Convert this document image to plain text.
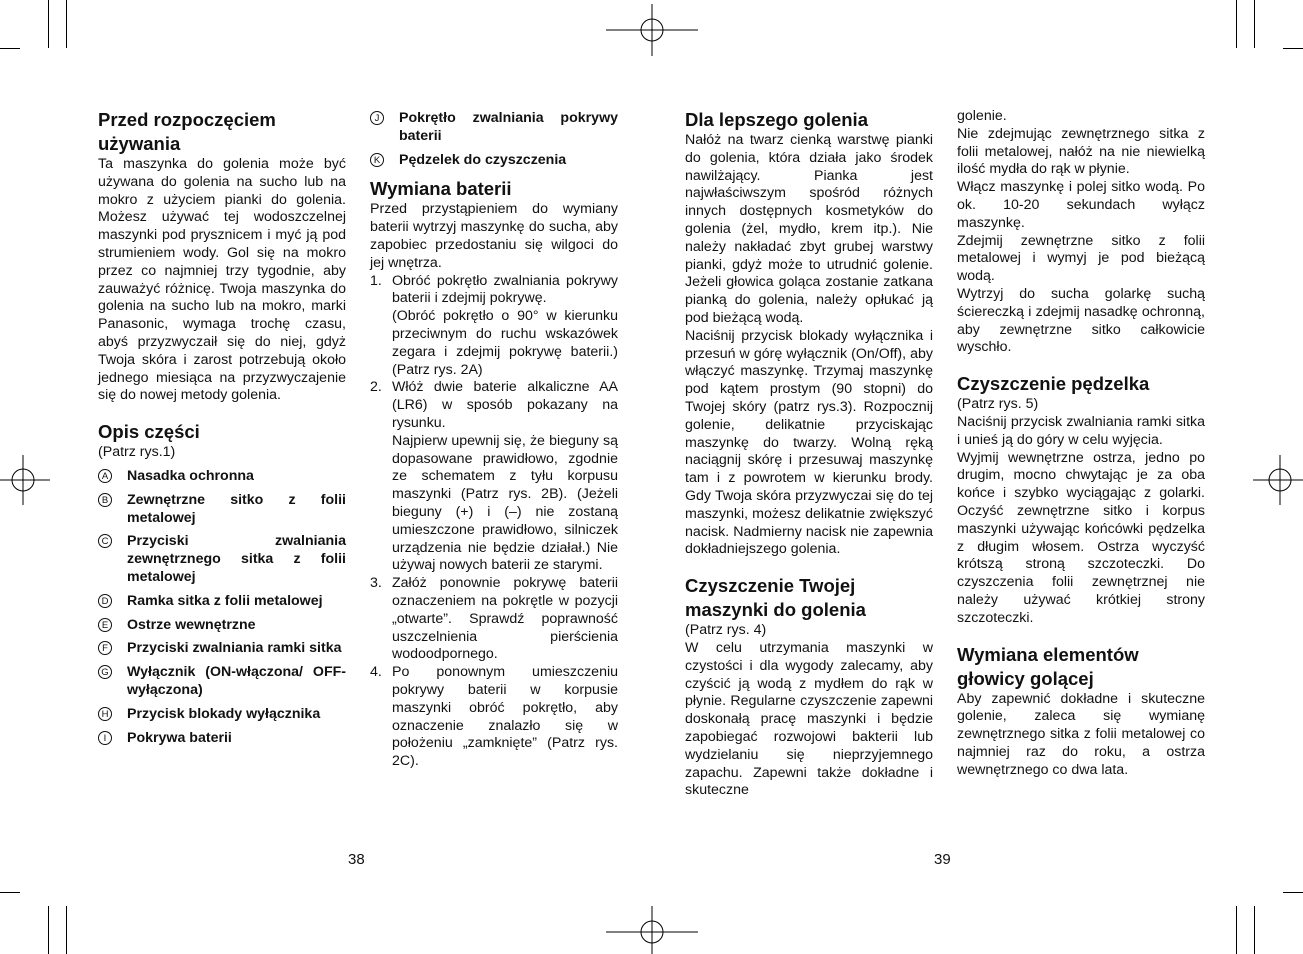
Przed rozpoczęciem używania

Ta maszynka do golenia może być używana do golenia na sucho lub na mokro z użyciem pianki do golenia. Możesz używać tej wodoszczelnej maszynki pod prysznicem i myć ją pod strumieniem wody. Gol się na mokro przez co najmniej trzy tygodnie, aby zauważyć różnicę. Twoja maszynka do golenia na sucho lub na mokro, marki Panasonic, wymaga trochę czasu, abyś przyzwyczaił się do niej, gdyż Twoja skóra i zarost potrzebują około jednego miesiąca na przyzwyczajenie się do nowej metody golenia.

Opis części

(Patrz rys.1)

A Nasadka ochronna
B Zewnętrzne sitko z folii metalowej
C Przyciski zwalniania zewnętrznego sitka z folii metalowej
D Ramka sitka z folii metalowej
E Ostrze wewnętrzne
F Przyciski zwalniania ramki sitka
G Wyłącznik (ON-włączona/ OFF-wyłączona)
H Przycisk blokady wyłącznika
I	Pokrywa baterii
J	Pokrętło zwalniania pokrywy baterii
K Pędzelek do czyszczenia
Wymiana baterii

Przed przystąpieniem do wymiany baterii wytrzyj maszynkę do sucha, aby zapobiec przedostaniu się wilgoci do jej wnętrza.

1. Obróć pokrętło zwalniania pokrywy baterii i zdejmij pokrywę.

(Obróć pokrętło o 90° w kierunku przeciwnym do ruchu wskazówek zegara i zdejmij pokrywę baterii.) (Patrz rys. 2A)

2. Włóż dwie baterie alkaliczne AA (LR6) w sposób pokazany na rysunku.

Najpierw upewnij się, że bieguny są dopasowane prawidłowo, zgodnie ze schematem z tyłu korpusu maszynki (Patrz rys. 2B). (Jeżeli bieguny (+) i (–) nie zostaną umieszczone prawidłowo, silniczek urządzenia nie będzie działał.) Nie używaj nowych baterii ze starymi.

3. Załóż ponownie pokrywę baterii oznaczeniem na pokrętle w pozycji „otwarte”. Sprawdź poprawność uszczelnienia pierścienia wodoodpornego.

4. Po ponownym umieszczeniu pokrywy baterii w korpusie maszynki obróć pokrętło, aby oznaczenie znalazło się w położeniu „zamknięte” (Patrz rys. 2C).

Dla lepszego golenia

Nałóż na twarz cienką warstwę pianki do golenia, która działa jako środek nawilżający. Pianka jest najwłaściwszym spośród różnych innych dostępnych kosmetyków do golenia (żel, mydło, krem itp.). Nie należy nakładać zbyt grubej warstwy pianki, gdyż może to utrudnić golenie. Jeżeli głowica goląca zostanie zatkana pianką do golenia, należy opłukać ją pod bieżącą wodą.

Naciśnij przycisk blokady wyłącznika i przesuń w górę wyłącznik (On/Off), aby włączyć maszynkę. Trzymaj maszynkę pod kątem prostym (90 stopni) do Twojej skóry (patrz rys.3). Rozpocznij golenie, delikatnie przyciskając maszynkę do twarzy. Wolną ręką naciągnij skórę i przesuwaj maszynkę tam i z powrotem w kierunku brody. Gdy Twoja skóra przyzwyczai się do tej maszynki, możesz delikatnie zwiększyć nacisk. Nadmierny nacisk nie zapewnia dokładniejszego golenia.

Czyszczenie Twojej maszynki do golenia

(Patrz rys. 4)

W celu utrzymania maszynki w czystości i dla wygody zalecamy, aby czyścić ją wodą z mydłem do rąk w płynie. Regularne czyszczenie zapewni doskonałą pracę maszynki i będzie zapobiegać rozwojowi bakterii lub wydzielaniu się nieprzyjemnego zapachu. Zapewni także dokładne i skuteczne

golenie.

Nie zdejmując zewnętrznego sitka z folii metalowej, nałóż na nie niewielką ilość mydła do rąk w płynie.

Włącz maszynkę i polej sitko wodą. Po ok. 10-20 sekundach wyłącz maszynkę.

Zdejmij zewnętrzne sitko z folii metalowej i wymyj je pod bieżącą wodą.

Wytrzyj do sucha golarkę suchą ściereczką i zdejmij nasadkę ochronną, aby zewnętrzne sitko całkowicie wyschło.

Czyszczenie pędzelka

(Patrz rys. 5)

Naciśnij przycisk zwalniania ramki sitka i unieś ją do góry w celu wyjęcia.

Wyjmij wewnętrzne ostrza, jedno po drugim, mocno chwytając je za oba końce i szybko wyciągając z golarki. Oczyść zewnętrzne sitko i korpus maszynki używając końcówki pędzelka z długim włosem. Ostrza wyczyść krótszą stroną szczoteczki. Do czyszczenia folii zewnętrznej nie należy używać krótkiej strony szczoteczki.

Wymiana elementów głowicy golącej

Aby zapewnić dokładne i skuteczne golenie, zaleca się wymianę zewnętrznego sitka z folii metalowej co najmniej raz do roku, a ostrza wewnętrznego co dwa lata.

38	39
